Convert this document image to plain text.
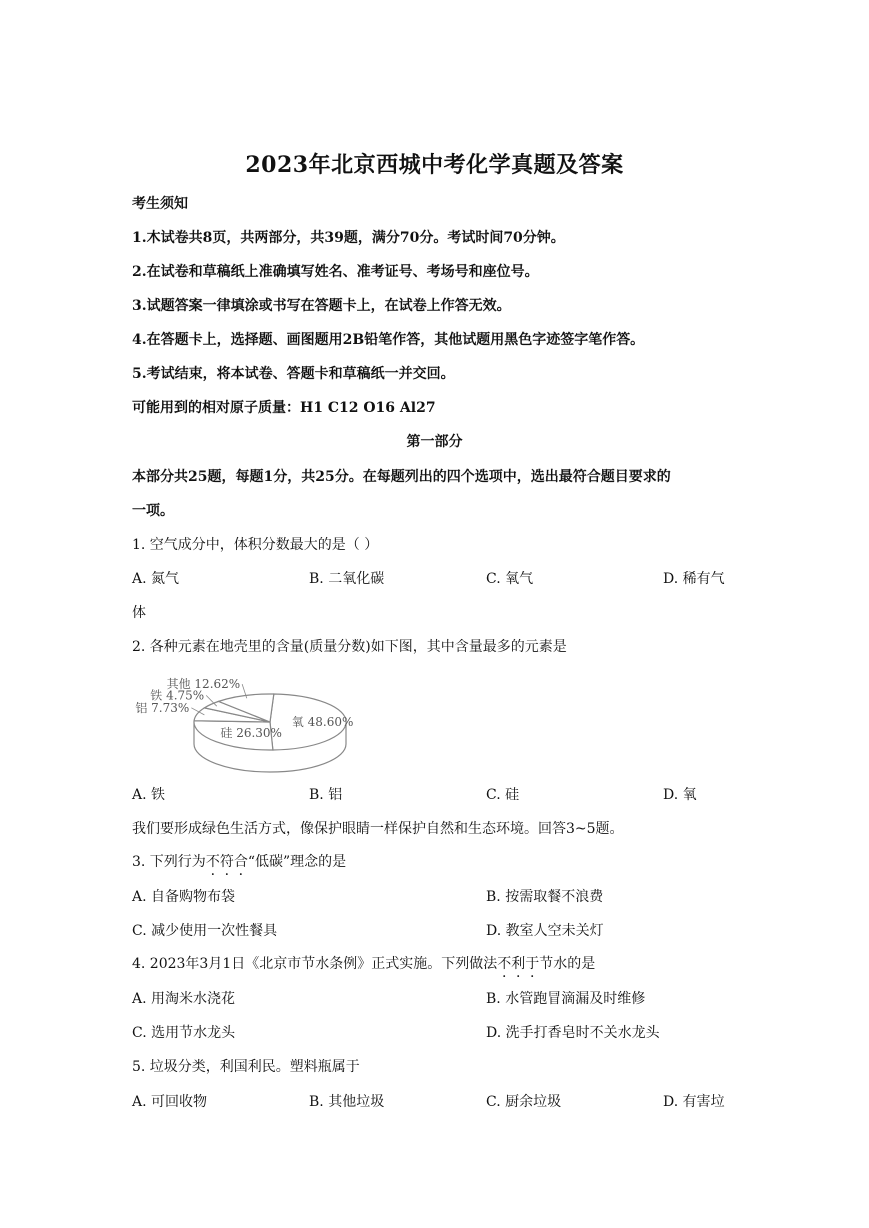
2023年北京西城中考化学真题及答案
考生须知
1.木试卷共8页，共两部分，共39题，满分70分。考试时间70分钟。
2.在试卷和草稿纸上准确填写姓名、准考证号、考场号和座位号。
3.试题答案一律填涂或书写在答题卡上，在试卷上作答无效。
4.在答题卡上，选择题、画图题用2B铅笔作答，其他试题用黑色字迹签字笔作答。
5.考试结束，将本试卷、答题卡和草稿纸一并交回。
可能用到的相对原子质量：H1 C12 O16 Al27
第一部分
本部分共25题，每题1分，共25分。在每题列出的四个选项中，选出最符合题目要求的
一项。
1. 空气成分中，体积分数最大的是（ ）
A. 氮气	B. 二氧化碳	C. 氧气	D. 稀有气
体
2. 各种元素在地壳里的含量(质量分数)如下图，其中含量最多的元素是
氧 48.60%
硅 26.30%
铝 7.73%
铁 4.75%
其他 12.62%
A. 铁	B. 铝	C. 硅	D. 氧
我们要形成绿色生活方式，像保护眼睛一样保护自然和生态环境。回答3~5题。
3. 下列行为不符合“低碳”理念的是
A. 自备购物布袋	B. 按需取餐不浪费
C. 减少使用一次性餐具	D. 教室人空未关灯
4. 2023年3月1日《北京市节水条例》正式实施。下列做法不利于节水的是
A. 用淘米水浇花	B. 水管跑冒滴漏及时维修
C. 选用节水龙头	D. 洗手打香皂时不关水龙头
5. 垃圾分类，利国利民。塑料瓶属于
A. 可回收物	B. 其他垃圾	C. 厨余垃圾	D. 有害垃
